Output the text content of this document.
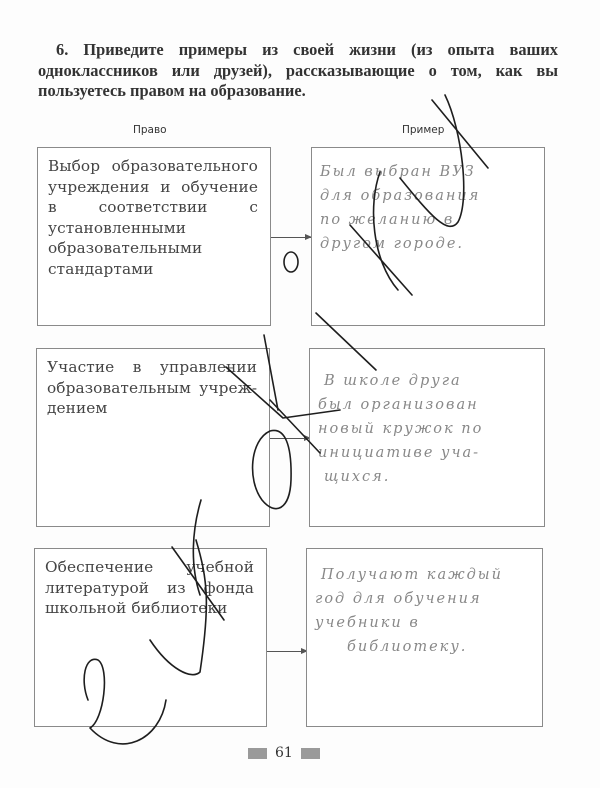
6. Приведите примеры из своей жизни (из опыта ваших одноклассников или друзей), рассказывающие о том, как вы пользуетесь правом на образование.
Право	Пример
Выбор образовательного учреждения и обучение в соответствии с установленными образовательными стандартами
Был выбран ВУЗ
для образования
по желанию в
другом городе.
Участие в управлении образовательным учреждением
В школе друга
был организован
новый кружок по
инициативе уча-
щихся.
Обеспечение учебной литературой из фонда школьной библиотеки
Получают каждый
год для обучения
учебники в
библиотеку.
61
